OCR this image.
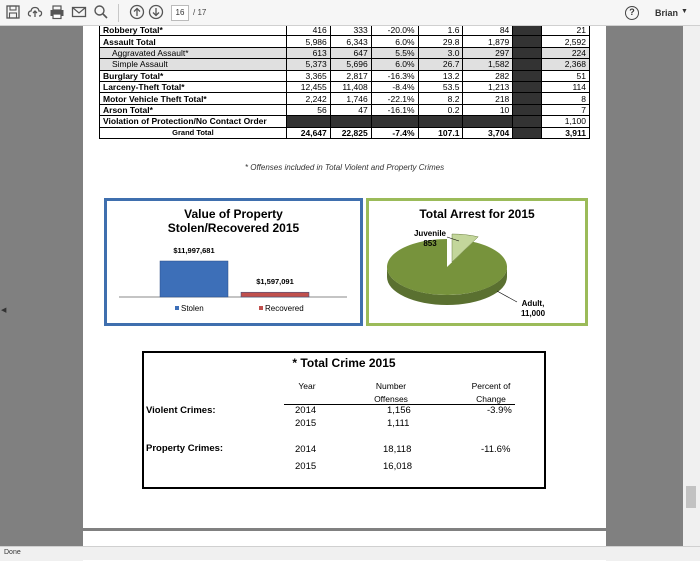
16	/ 17	?	Brian ▼
◀
Robbery Total*	416	333	-20.0%	1.6	84		21
Assault Total	5,986	6,343	6.0%	29.8	1,879		2,592
Aggravated Assault*	613	647	5.5%	3.0	297		224
Simple Assault	5,373	5,696	6.0%	26.7	1,582		2,368
Burglary Total*	3,365	2,817	-16.3%	13.2	282		51
Larceny-Theft Total*	12,455	11,408	-8.4%	53.5	1,213		114
Motor Vehicle Theft Total*	2,242	1,746	-22.1%	8.2	218		8
Arson Total*	56	47	-16.1%	0.2	10		7
Violation of Protection/No Contact Order							1,100
Grand Total	24,647	22,825	-7.4%	107.1	3,704		3,911
* Offenses included in Total Violent and Property Crimes
Value of Property
Stolen/Recovered 2015
$11,997,681
$1,597,091
Stolen	Recovered
Total Arrest for 2015
Juvenile
853
Adult,
11,000
* Total Crime 2015
Year	Number
Offenses
Percent of
Change
Violent Crimes:	2014	1,156	-3.9%
2015	1,111
Property Crimes:	2014	18,118	-11.6%
2015	16,018
Done
